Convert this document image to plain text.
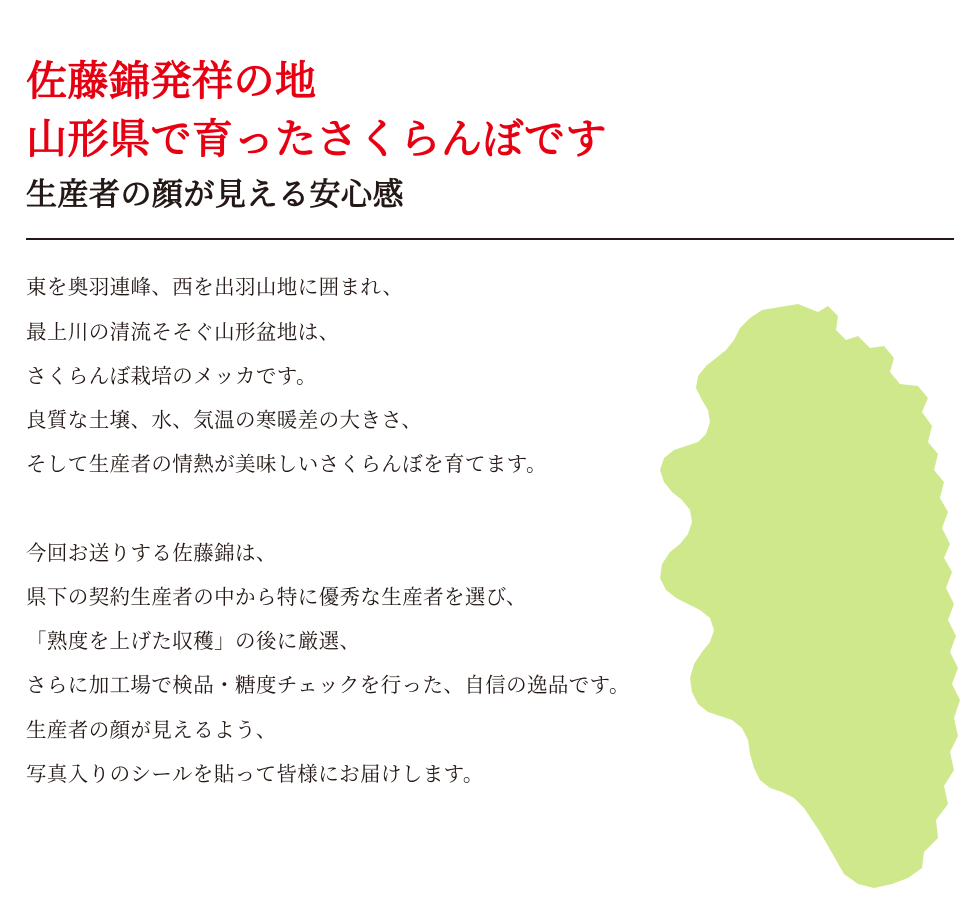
佐藤錦発祥の地
山形県で育ったさくらんぼです
生産者の顔が見える安心感

東を奥羽連峰、西を出羽山地に囲まれ、
最上川の清流そそぐ山形盆地は、
さくらんぼ栽培のメッカです。
良質な土壌、水、気温の寒暖差の大きさ、
そして生産者の情熱が美味しいさくらんぼを育てます。

今回お送りする佐藤錦は、
県下の契約生産者の中から特に優秀な生産者を選び、
「熟度を上げた収穫」の後に厳選、
さらに加工場で検品・糖度チェックを行った、自信の逸品です。
生産者の顔が見えるよう、
写真入りのシールを貼って皆様にお届けします。
